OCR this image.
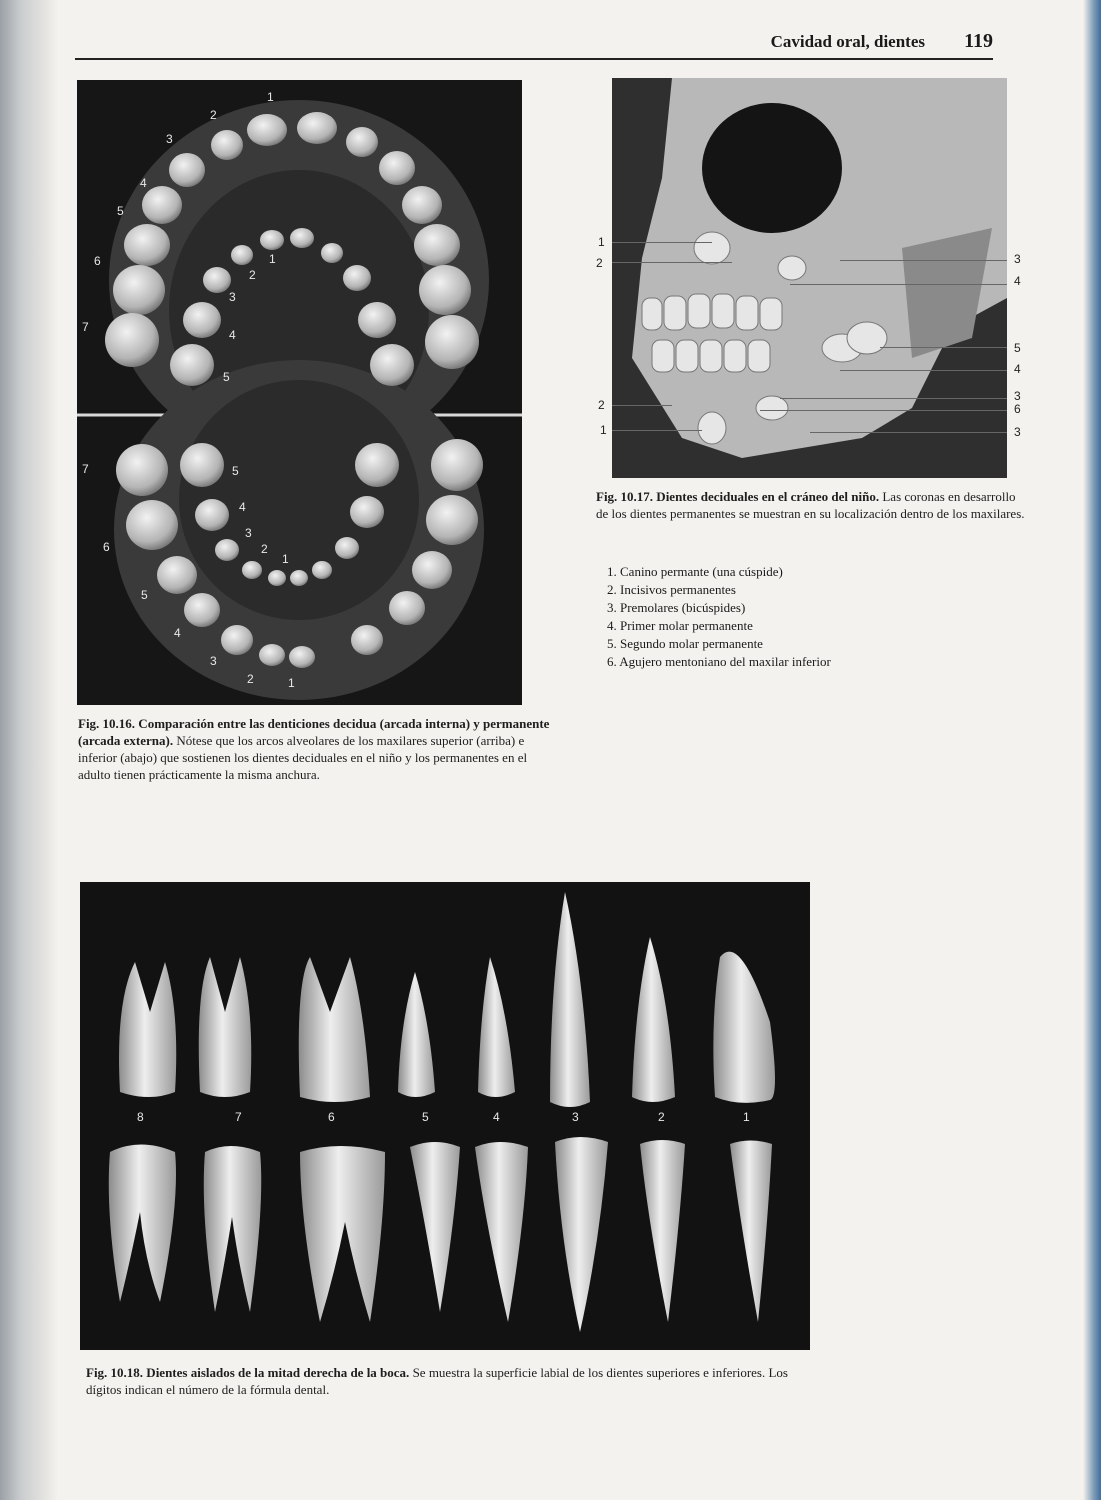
Cavidad oral, dientes 119
1
2
3
4
5
6
7
1
2
3
4
5
7
6
5
4
3
2	1
5
4
3
2
1
Fig. 10.16. Comparación entre las denticiones decidua (arcada interna) y permanente (arcada externa). Nótese que los arcos alveolares de los maxilares superior (arriba) e inferior (abajo) que sostienen los dientes deciduales en el niño y los permanentes en el adulto tienen prácticamente la misma anchura.
1
2
2
1
3
4
5
4
3
6
3
Fig. 10.17. Dientes deciduales en el cráneo del niño. Las coronas en desarrollo de los dientes permanentes se muestran en su localización dentro de los maxilares.
1. Canino permante (una cúspide)
2. Incisivos permanentes
3. Premolares (bicúspides)
4. Primer molar permanente
5. Segundo molar permanente
6. Agujero mentoniano del maxilar inferior
8	7	6	5	4	3	2	1
Fig. 10.18. Dientes aislados de la mitad derecha de la boca. Se muestra la superficie labial de los dientes superiores e inferiores. Los dígitos indican el número de la fórmula dental.
